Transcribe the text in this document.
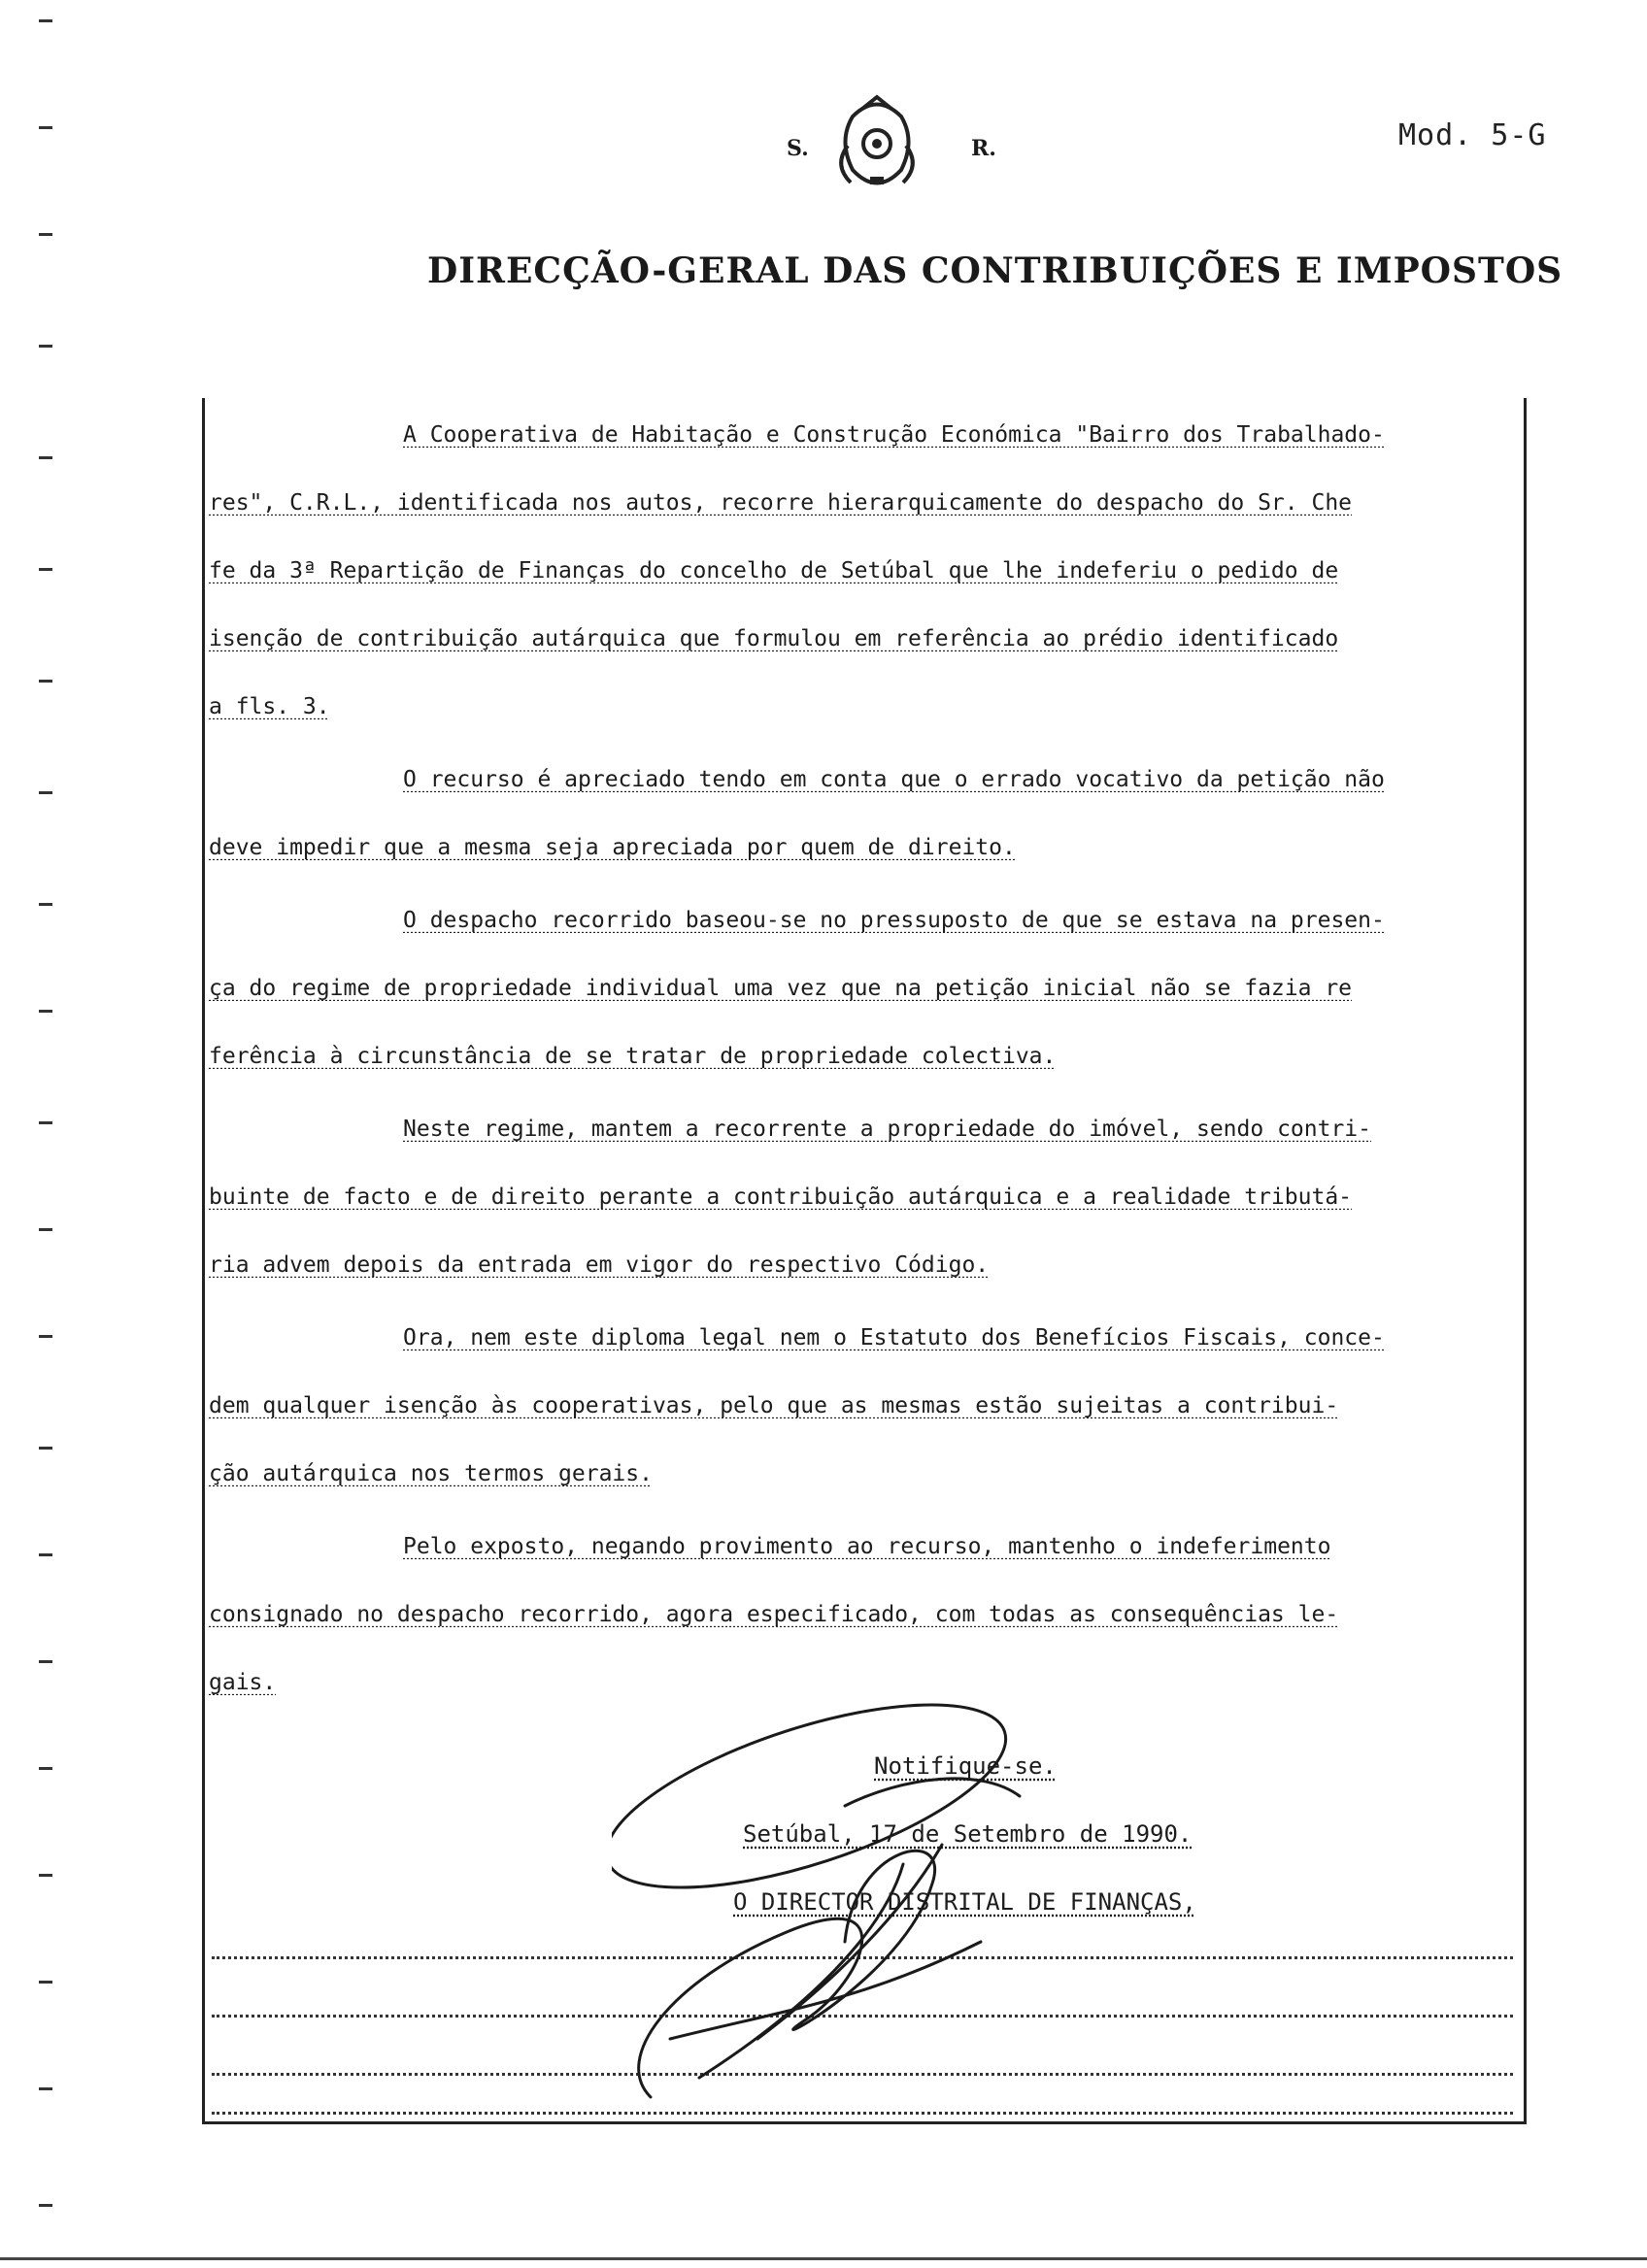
S.	R.	Mod. 5-G
DIRECÇÃO-GERAL DAS CONTRIBUIÇÕES E IMPOSTOS
A Cooperativa de Habitação e Construção Económica "Bairro dos Trabalhado-
res", C.R.L., identificada nos autos, recorre hierarquicamente do despacho do Sr. Che
fe da 3ª Repartição de Finanças do concelho de Setúbal que lhe indeferiu o pedido de
isenção de contribuição autárquica que formulou em referência ao prédio identificado
a fls. 3.
O recurso é apreciado tendo em conta que o errado vocativo da petição não
deve impedir que a mesma seja apreciada por quem de direito.
O despacho recorrido baseou-se no pressuposto de que se estava na presen-
ça do regime de propriedade individual uma vez que na petição inicial não se fazia re
ferência à circunstância de se tratar de propriedade colectiva.
Neste regime, mantem a recorrente a propriedade do imóvel, sendo contri-
buinte de facto e de direito perante a contribuição autárquica e a realidade tributá-
ria advem depois da entrada em vigor do respectivo Código.
Ora, nem este diploma legal nem o Estatuto dos Benefícios Fiscais, conce-
dem qualquer isenção às cooperativas, pelo que as mesmas estão sujeitas a contribui-
ção autárquica nos termos gerais.
Pelo exposto, negando provimento ao recurso, mantenho o indeferimento
consignado no despacho recorrido, agora especificado, com todas as consequências le-
gais.
Notifique-se.
Setúbal, 17 de Setembro de 1990.
O DIRECTOR DISTRITAL DE FINANÇAS,
